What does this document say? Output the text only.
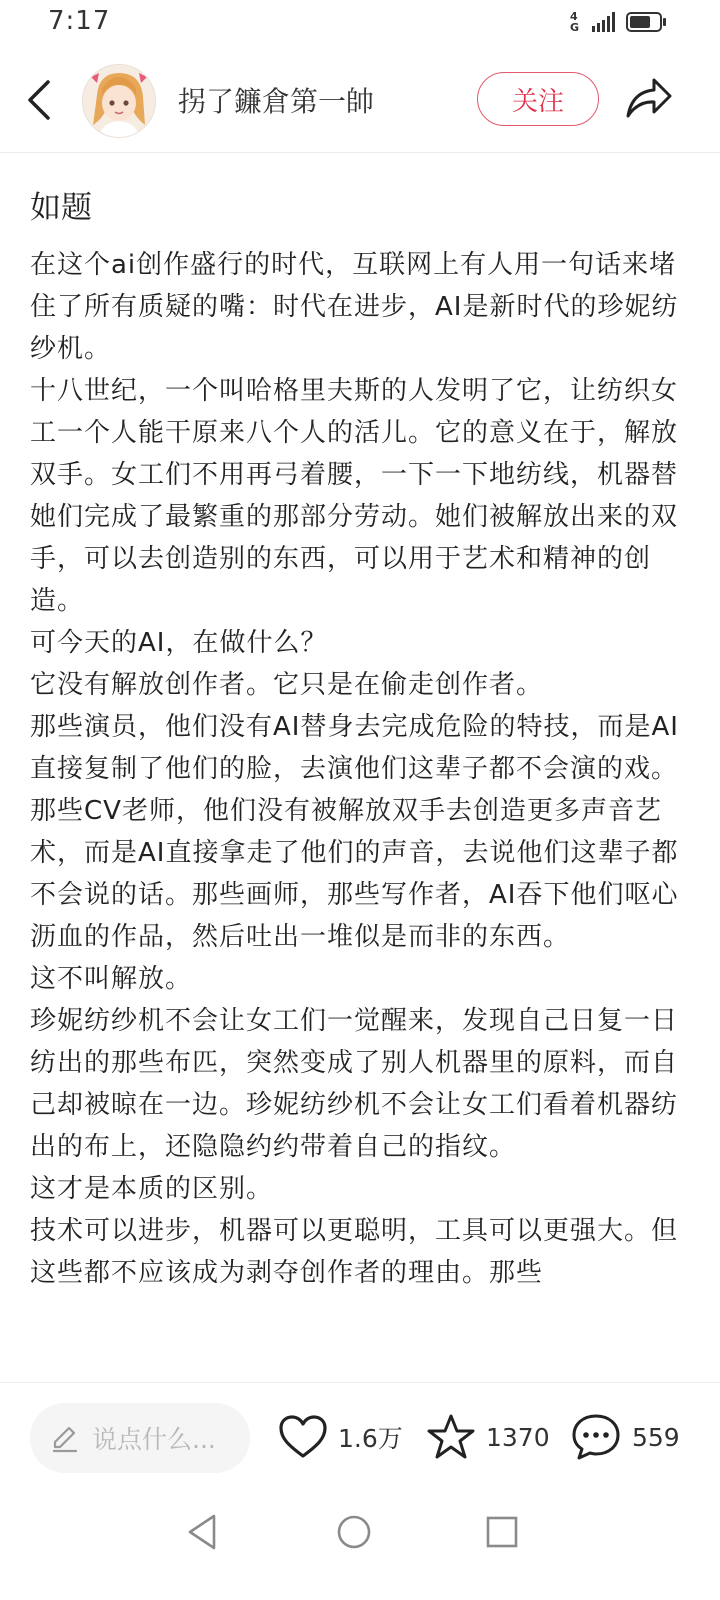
7:17	4G
拐了鐮倉第一帥	关注
如题

在这个ai创作盛行的时代，互联网上有人用一句话来堵住了所有质疑的嘴：时代在进步，AI是新时代的珍妮纺纱机。

十八世纪，一个叫哈格里夫斯的人发明了它，让纺织女工一个人能干原来八个人的活儿。它的意义在于，解放双手。女工们不用再弓着腰，一下一下地纺线，机器替她们完成了最繁重的那部分劳动。她们被解放出来的双手，可以去创造别的东西，可以用于艺术和精神的创造。

可今天的AI，在做什么？

它没有解放创作者。它只是在偷走创作者。

那些演员，他们没有AI替身去完成危险的特技，而是AI直接复制了他们的脸，去演他们这辈子都不会演的戏。那些CV老师，他们没有被解放双手去创造更多声音艺术，而是AI直接拿走了他们的声音，去说他们这辈子都不会说的话。那些画师，那些写作者，AI吞下他们呕心沥血的作品，然后吐出一堆似是而非的东西。

这不叫解放。

珍妮纺纱机不会让女工们一觉醒来，发现自己日复一日纺出的那些布匹，突然变成了别人机器里的原料，而自己却被晾在一边。珍妮纺纱机不会让女工们看着机器纺出的布上，还隐隐约约带着自己的指纹。

这才是本质的区别。

技术可以进步，机器可以更聪明，工具可以更强大。但这些都不应该成为剥夺创作者的理由。那些

说点什么...	1.6万	1370	559
